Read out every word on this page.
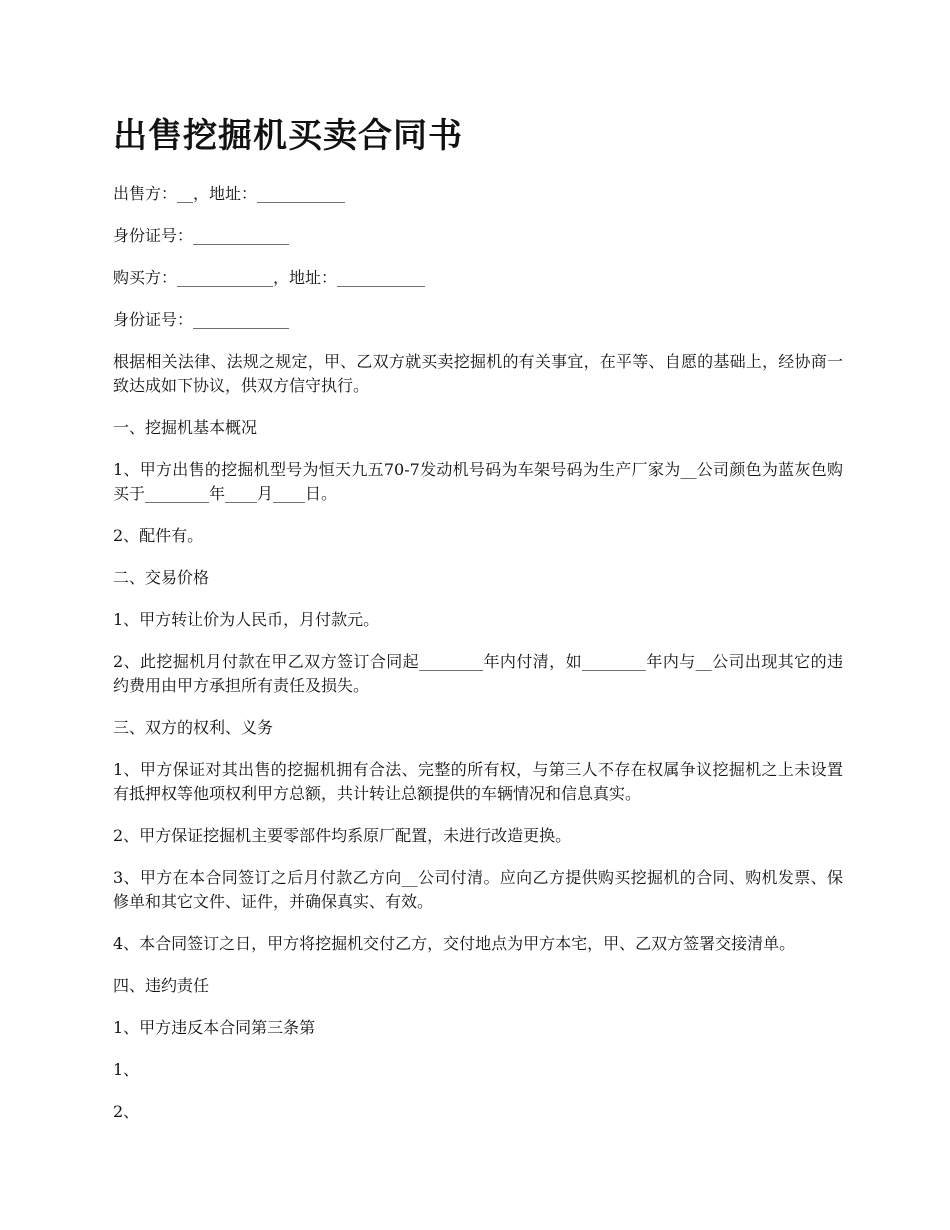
出售挖掘机买卖合同书

出售方：__，地址：___________

身份证号：____________

购买方：____________，地址：___________

身份证号：____________

根据相关法律、法规之规定，甲、乙双方就买卖挖掘机的有关事宜，在平等、自愿的基础上，经协商一致达成如下协议，供双方信守执行。

一、挖掘机基本概况

1、甲方出售的挖掘机型号为恒天九五70-7发动机号码为车架号码为生产厂家为__公司颜色为蓝灰色购买于________年____月____日。

2、配件有。

二、交易价格

1、甲方转让价为人民币，月付款元。

2、此挖掘机月付款在甲乙双方签订合同起________年内付清，如________年内与__公司出现其它的违约费用由甲方承担所有责任及损失。

三、双方的权利、义务

1、甲方保证对其出售的挖掘机拥有合法、完整的所有权，与第三人不存在权属争议挖掘机之上未设置有抵押权等他项权利甲方总额，共计转让总额提供的车辆情况和信息真实。

2、甲方保证挖掘机主要零部件均系原厂配置，未进行改造更换。

3、甲方在本合同签订之后月付款乙方向__公司付清。应向乙方提供购买挖掘机的合同、购机发票、保修单和其它文件、证件，并确保真实、有效。

4、本合同签订之日，甲方将挖掘机交付乙方，交付地点为甲方本宅，甲、乙双方签署交接清单。

四、违约责任

1、甲方违反本合同第三条第

1、

2、
